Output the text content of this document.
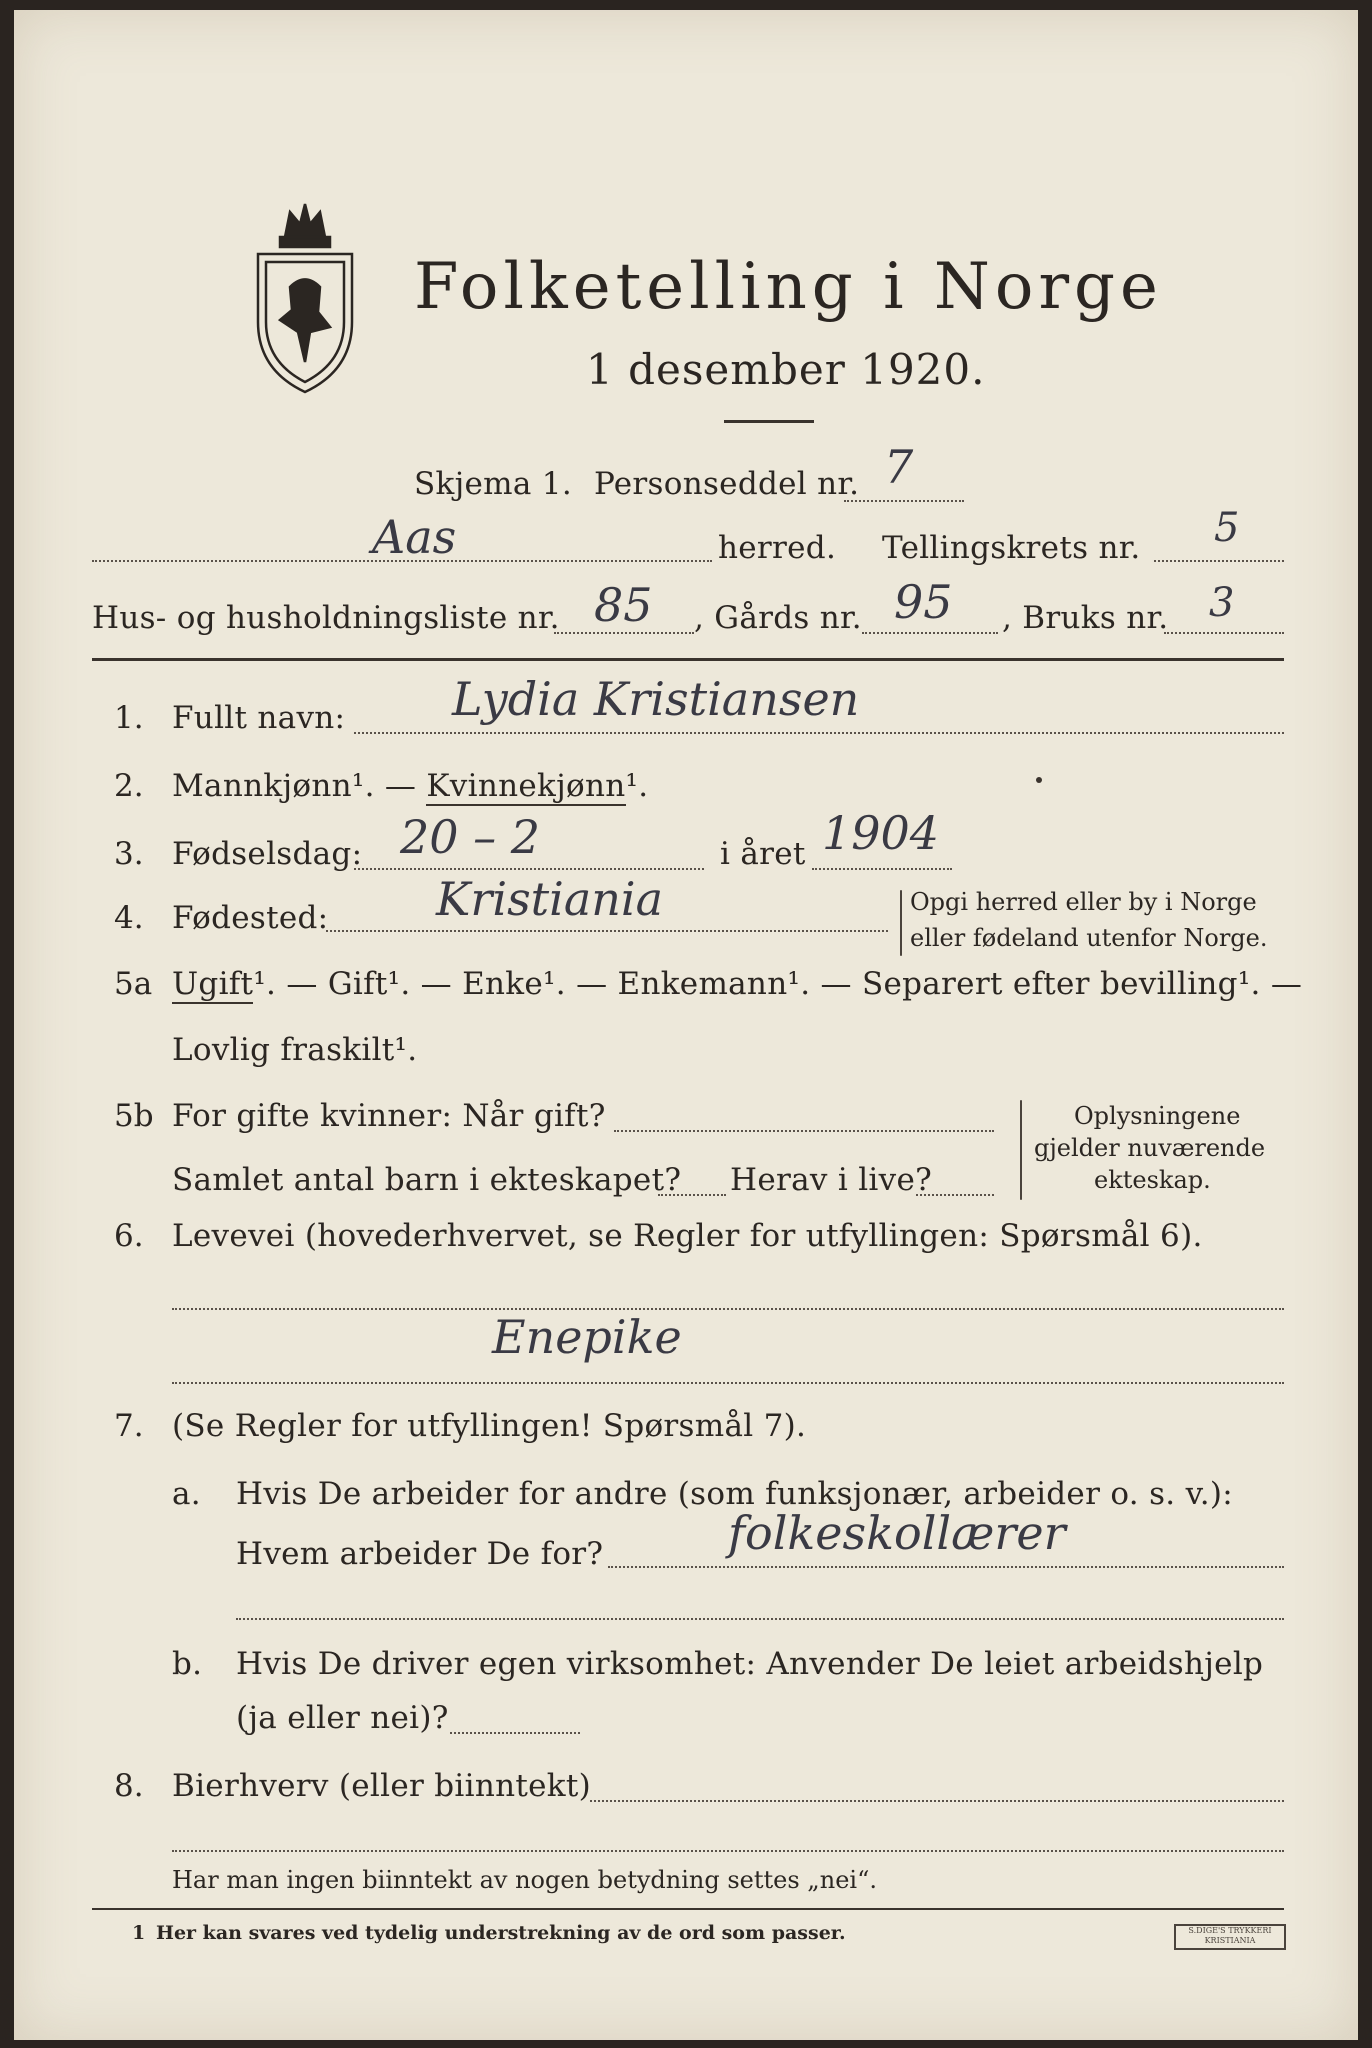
Folketelling i Norge
1 desember 1920.
Skjema 1. Personseddel nr. 7
Aas	herred. Tellingskrets nr. 5
Hus- og husholdningsliste nr. 85 , Gårds nr. 95 , Bruks nr. 3
1. Fullt navn: Lydia Kristiansen
2. Mannkjønn¹. — Kvinnekjønn¹.
3. Fødselsdag: 20 – 2	i året 1904
4. Fødested: Kristiania	Opgi herred eller by i Norge
eller fødeland utenfor Norge.
5a Ugift¹. — Gift¹. — Enke¹. — Enkemann¹. — Separert efter bevilling¹. —
Lovlig fraskilt¹.
5b For gifte kvinner: Når gift?
Samlet antal barn i ekteskapet? Herav i live?
Oplysningene
gjelder nuværende
ekteskap.
6. Levevei (hovederhvervet, se Regler for utfyllingen: Spørsmål 6).
Enepike
7. (Se Regler for utfyllingen! Spørsmål 7).
a. Hvis De arbeider for andre (som funksjonær, arbeider o. s. v.):
Hvem arbeider De for?	folkeskollærer
b. Hvis De driver egen virksomhet: Anvender De leiet arbeidshjelp
(ja eller nei)?
8. Bierhverv (eller biinntekt)
Har man ingen biinntekt av nogen betydning settes „nei“.
1 Her kan svares ved tydelig understrekning av de ord som passer.	S.DIGE'S TRYKKERI
KRISTIANIA
